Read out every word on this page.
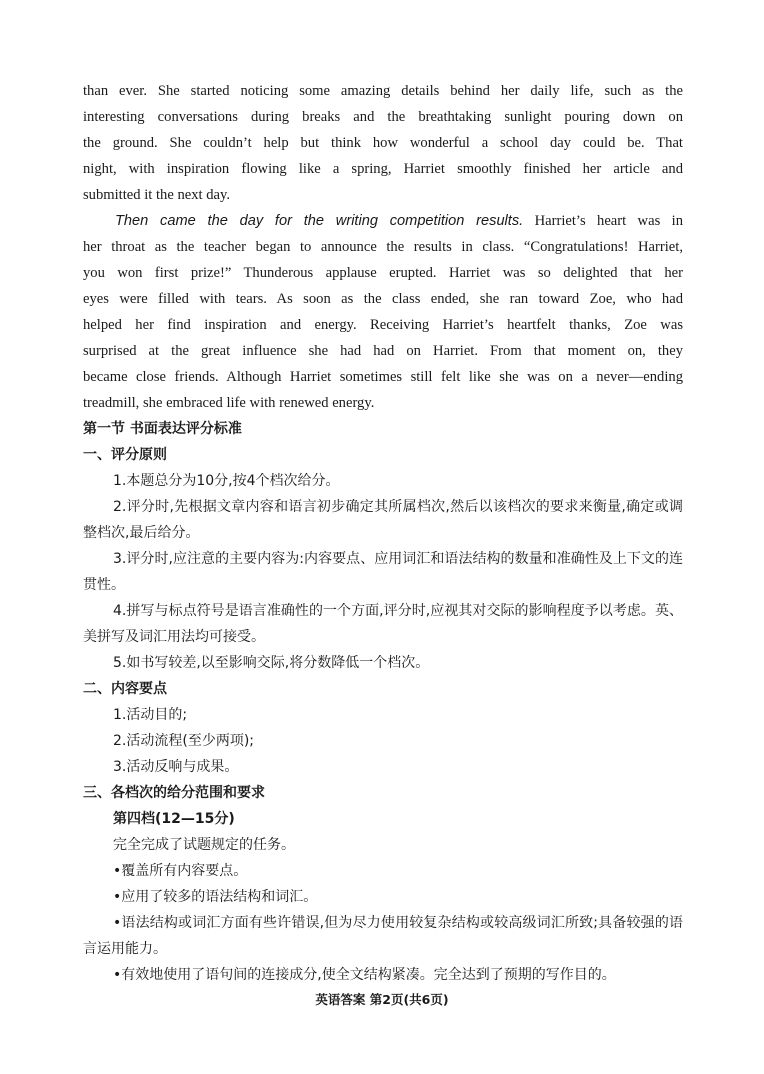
than ever. She started noticing some amazing details behind her daily life, such as the
interesting conversations during breaks and the breathtaking sunlight pouring down on
the ground. She couldn’t help but think how wonderful a school day could be. That
night, with inspiration flowing like a spring, Harriet smoothly finished her article and
submitted it the next day.
Then came the day for the writing competition results. Harriet’s heart was in
her throat as the teacher began to announce the results in class. “Congratulations! Harriet,
you won first prize!” Thunderous applause erupted. Harriet was so delighted that her
eyes were filled with tears. As soon as the class ended, she ran toward Zoe, who had
helped her find inspiration and energy. Receiving Harriet’s heartfelt thanks, Zoe was
surprised at the great influence she had had on Harriet. From that moment on, they
became close friends. Although Harriet sometimes still felt like she was on a never—ending
treadmill, she embraced life with renewed energy.
第一节 书面表达评分标准
一、评分原则
1.本题总分为10分,按4个档次给分。
2.评分时,先根据文章内容和语言初步确定其所属档次,然后以该档次的要求来衡量,确定或调整档次,最后给分。
3.评分时,应注意的主要内容为:内容要点、应用词汇和语法结构的数量和准确性及上下文的连贯性。
4.拼写与标点符号是语言准确性的一个方面,评分时,应视其对交际的影响程度予以考虑。英、美拼写及词汇用法均可接受。
5.如书写较差,以至影响交际,将分数降低一个档次。
二、内容要点
1.活动目的;
2.活动流程(至少两项);
3.活动反响与成果。
三、各档次的给分范围和要求
第四档(12—15分)
完全完成了试题规定的任务。
•覆盖所有内容要点。
•应用了较多的语法结构和词汇。
•语法结构或词汇方面有些许错误,但为尽力使用较复杂结构或较高级词汇所致;具备较强的语言运用能力。
•有效地使用了语句间的连接成分,使全文结构紧凑。完全达到了预期的写作目的。
英语答案 第2页(共6页)
